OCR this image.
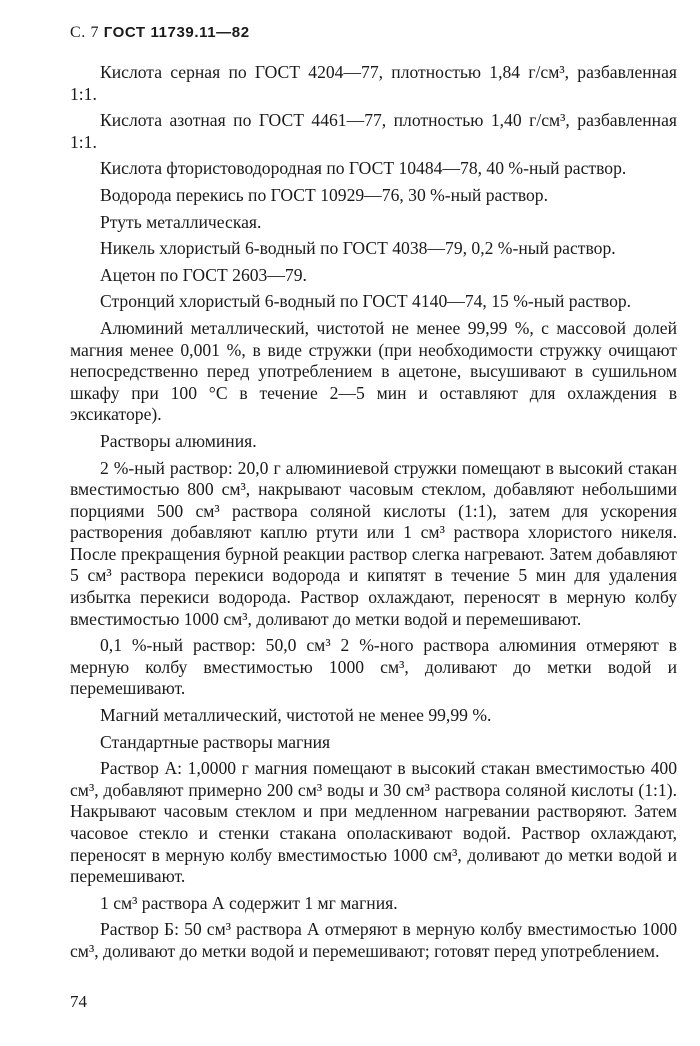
С. 7 ГОСТ 11739.11—82

Кислота серная по ГОСТ 4204—77, плотностью 1,84 г/см³, разбавленная 1:1.

Кислота азотная по ГОСТ 4461—77, плотностью 1,40 г/см³, разбавленная 1:1.

Кислота фтористоводородная по ГОСТ 10484—78, 40 %-ный раствор.

Водорода перекись по ГОСТ 10929—76, 30 %-ный раствор.

Ртуть металлическая.

Никель хлористый 6-водный по ГОСТ 4038—79, 0,2 %-ный раствор.

Ацетон по ГОСТ 2603—79.

Стронций хлористый 6-водный по ГОСТ 4140—74, 15 %-ный раствор.

Алюминий металлический, чистотой не менее 99,99 %, с массовой долей магния менее 0,001 %, в виде стружки (при необходимости стружку очищают непосредственно перед употреблением в ацетоне, высушивают в сушильном шкафу при 100 °С в течение 2—5 мин и оставляют для охлаждения в эксикаторе).

Растворы алюминия.

2 %-ный раствор: 20,0 г алюминиевой стружки помещают в высокий стакан вместимостью 800 см³, накрывают часовым стеклом, добавляют небольшими порциями 500 см³ раствора соляной кислоты (1:1), затем для ускорения растворения добавляют каплю ртути или 1 см³ раствора хлористого никеля. После прекращения бурной реакции раствор слегка нагревают. Затем добавляют 5 см³ раствора перекиси водорода и кипятят в течение 5 мин для удаления избытка перекиси водорода. Раствор охлаждают, переносят в мерную колбу вместимостью 1000 см³, доливают до метки водой и перемешивают.

0,1 %-ный раствор: 50,0 см³ 2 %-ного раствора алюминия отмеряют в мерную колбу вместимостью 1000 см³, доливают до метки водой и перемешивают.

Магний металлический, чистотой не менее 99,99 %.

Стандартные растворы магния

Раствор А: 1,0000 г магния помещают в высокий стакан вместимостью 400 см³, добавляют примерно 200 см³ воды и 30 см³ раствора соляной кислоты (1:1). Накрывают часовым стеклом и при медленном нагревании растворяют. Затем часовое стекло и стенки стакана ополаскивают водой. Раствор охлаждают, переносят в мерную колбу вместимостью 1000 см³, доливают до метки водой и перемешивают.

1 см³ раствора А содержит 1 мг магния.

Раствор Б: 50 см³ раствора А отмеряют в мерную колбу вместимостью 1000 см³, доливают до метки водой и перемешивают; готовят перед употреблением.

74
